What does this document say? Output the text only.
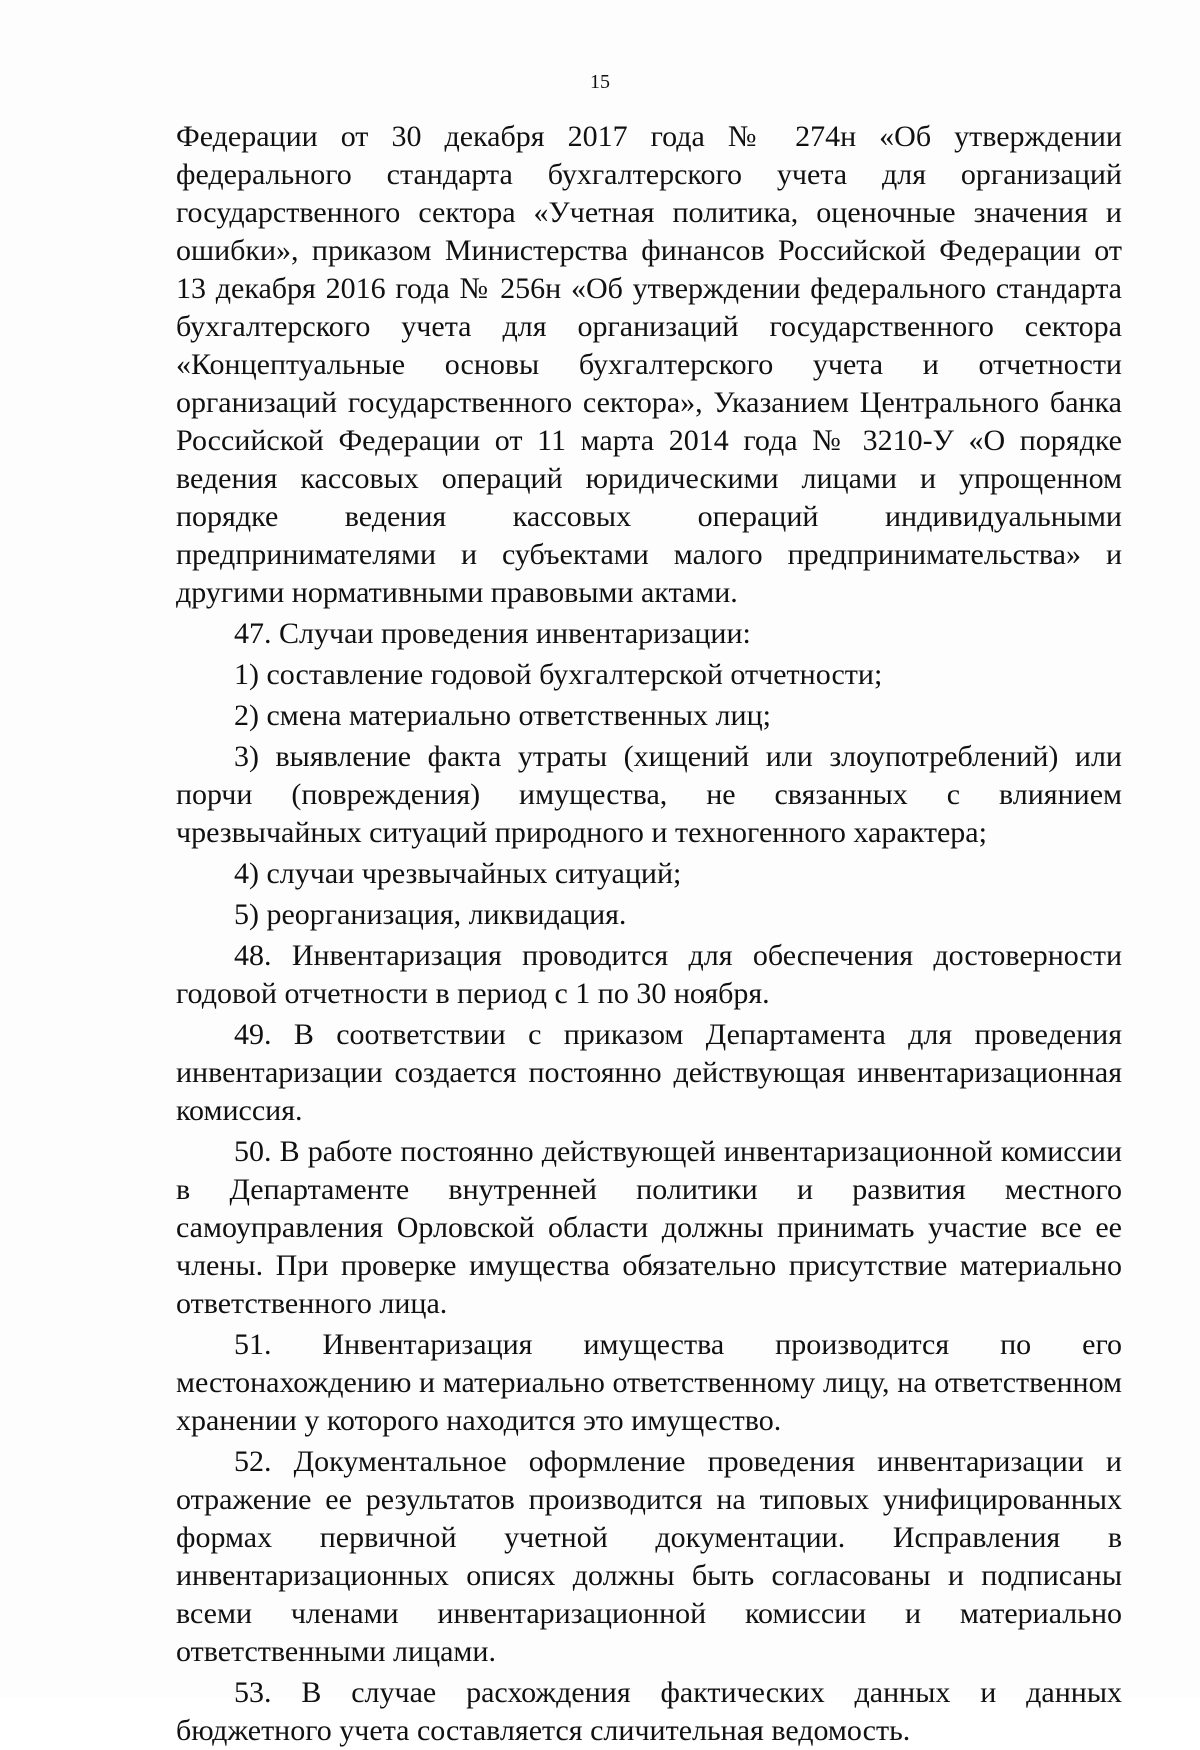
15

Федерации от 30 декабря 2017 года № 274н «Об утверждении федерального стандарта бухгалтерского учета для организаций государственного сектора «Учетная политика, оценочные значения и ошибки», приказом Министерства финансов Российской Федерации от 13 декабря 2016 года № 256н «Об утверждении федерального стандарта бухгалтерского учета для организаций государственного сектора «Концептуальные основы бухгалтерского учета и отчетности организаций государственного сектора», Указанием Центрального банка Российской Федерации от 11 марта 2014 года № 3210-У «О порядке ведения кассовых операций юридическими лицами и упрощенном порядке ведения кассовых операций индивидуальными предпринимателями и субъектами малого предпринимательства» и другими нормативными правовыми актами.

47. Случаи проведения инвентаризации:

1) составление годовой бухгалтерской отчетности;

2) смена материально ответственных лиц;

3) выявление факта утраты (хищений или злоупотреблений) или порчи (повреждения) имущества, не связанных с влиянием чрезвычайных ситуаций природного и техногенного характера;

4) случаи чрезвычайных ситуаций;

5) реорганизация, ликвидация.

48. Инвентаризация проводится для обеспечения достоверности годовой отчетности в период с 1 по 30 ноября.

49. В соответствии с приказом Департамента для проведения инвентаризации создается постоянно действующая инвентаризационная комиссия.

50. В работе постоянно действующей инвентаризационной комиссии в Департаменте внутренней политики и развития местного самоуправления Орловской области должны принимать участие все ее члены. При проверке имущества обязательно присутствие материально ответственного лица.

51. Инвентаризация имущества производится по его местонахождению и материально ответственному лицу, на ответственном хранении у которого находится это имущество.

52. Документальное оформление проведения инвентаризации и отражение ее результатов производится на типовых унифицированных формах первичной учетной документации. Исправления в инвентаризационных описях должны быть согласованы и подписаны всеми членами инвентаризационной комиссии и материально ответственными лицами.

53. В случае расхождения фактических данных и данных бюджетного учета составляется сличительная ведомость.
